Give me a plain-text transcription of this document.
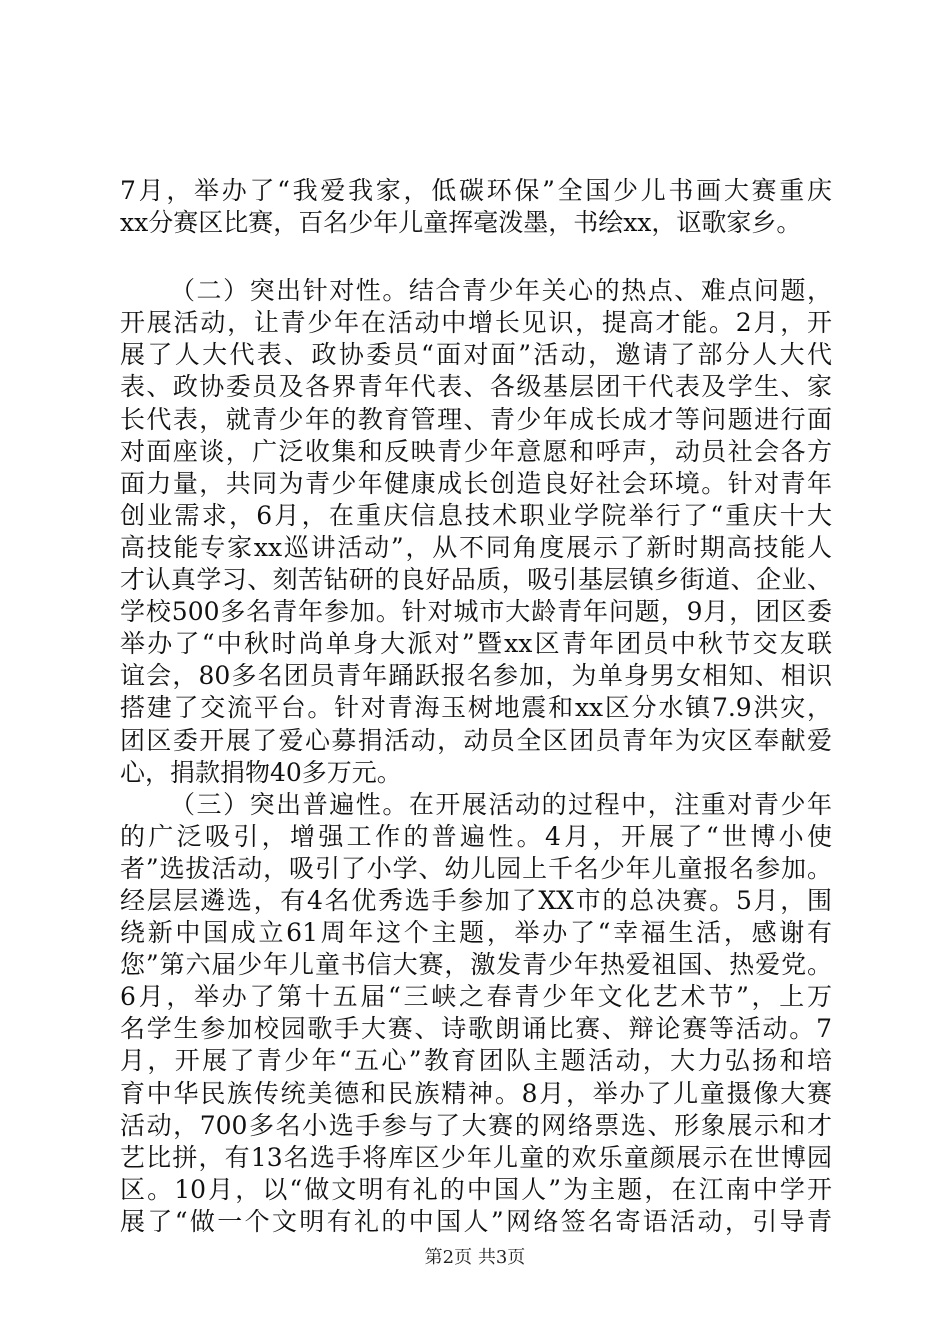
7月，举办了“我爱我家，低碳环保”全国少儿书画大赛重庆
xx分赛区比赛，百名少年儿童挥毫泼墨，书绘xx，讴歌家乡。
（二）突出针对性。结合青少年关心的热点、难点问题，
开展活动，让青少年在活动中增长见识，提高才能。2月，开
展了人大代表、政协委员“面对面”活动，邀请了部分人大代
表、政协委员及各界青年代表、各级基层团干代表及学生、家
长代表，就青少年的教育管理、青少年成长成才等问题进行面
对面座谈，广泛收集和反映青少年意愿和呼声，动员社会各方
面力量，共同为青少年健康成长创造良好社会环境。针对青年
创业需求，6月，在重庆信息技术职业学院举行了“重庆十大
高技能专家xx巡讲活动”，从不同角度展示了新时期高技能人
才认真学习、刻苦钻研的良好品质，吸引基层镇乡街道、企业、
学校500多名青年参加。针对城市大龄青年问题，9月，团区委
举办了“中秋时尚单身大派对”暨xx区青年团员中秋节交友联
谊会，80多名团员青年踊跃报名参加，为单身男女相知、相识
搭建了交流平台。针对青海玉树地震和xx区分水镇7.9洪灾，
团区委开展了爱心募捐活动，动员全区团员青年为灾区奉献爱
心，捐款捐物40多万元。
（三）突出普遍性。在开展活动的过程中，注重对青少年
的广泛吸引，增强工作的普遍性。4月，开展了“世博小使
者”选拔活动，吸引了小学、幼儿园上千名少年儿童报名参加。
经层层遴选，有4名优秀选手参加了XX市的总决赛。5月，围
绕新中国成立61周年这个主题，举办了“幸福生活，感谢有
您”第六届少年儿童书信大赛，激发青少年热爱祖国、热爱党。
6月，举办了第十五届“三峡之春青少年文化艺术节”，上万
名学生参加校园歌手大赛、诗歌朗诵比赛、辩论赛等活动。7
月，开展了青少年“五心”教育团队主题活动，大力弘扬和培
育中华民族传统美德和民族精神。8月，举办了儿童摄像大赛
活动，700多名小选手参与了大赛的网络票选、形象展示和才
艺比拼，有13名选手将库区少年儿童的欢乐童颜展示在世博园
区。10月，以“做文明有礼的中国人”为主题，在江南中学开
展了“做一个文明有礼的中国人”网络签名寄语活动，引导青
第2页 共3页
